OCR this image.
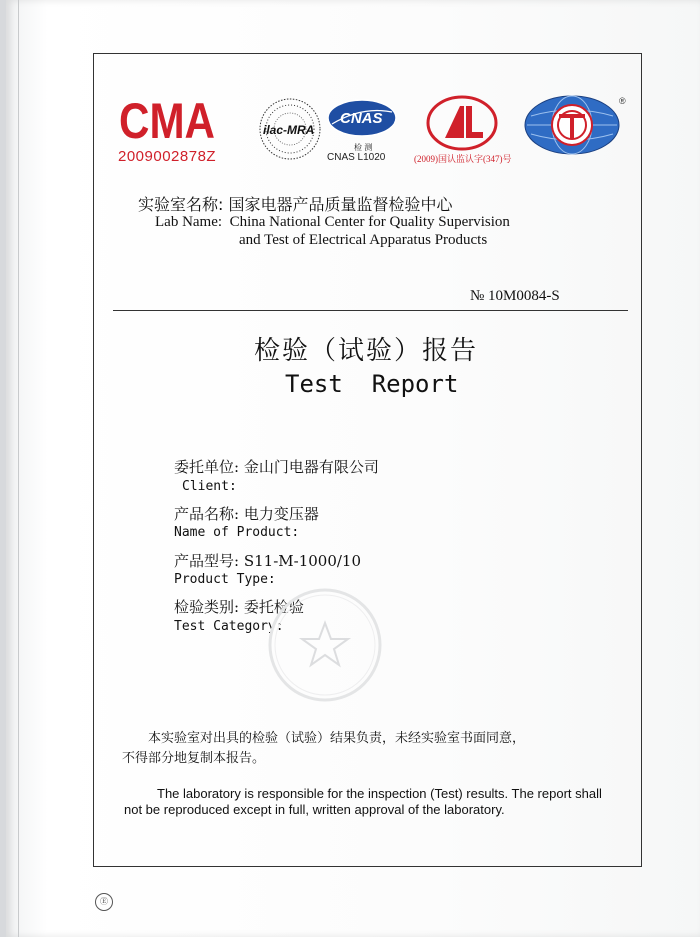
CMA
2009002878Z
ilac-MRA
CNAS
检 测
CNAS L1020	(2009)国认监认字(347)号
®
实验室名称: 国家电器产品质量监督检验中心
Lab Name: China National Center for Quality Supervision
and Test of Electrical Apparatus Products
№ 10M0084-S
检验（试验）报告
Test  Report
委托单位: 金山门电器有限公司
Client:
产品名称: 电力变压器
Name of Product:
产品型号: S11-M-1000/10
Product Type:
检验类别: 委托检验
Test Category:
本实验室对出具的检验（试验）结果负责，未经实验室书面同意，
不得部分地复制本报告。
The laboratory is responsible for the inspection (Test) results. The report shall
not be reproduced except in full, written approval of the laboratory.
Ⓔ
